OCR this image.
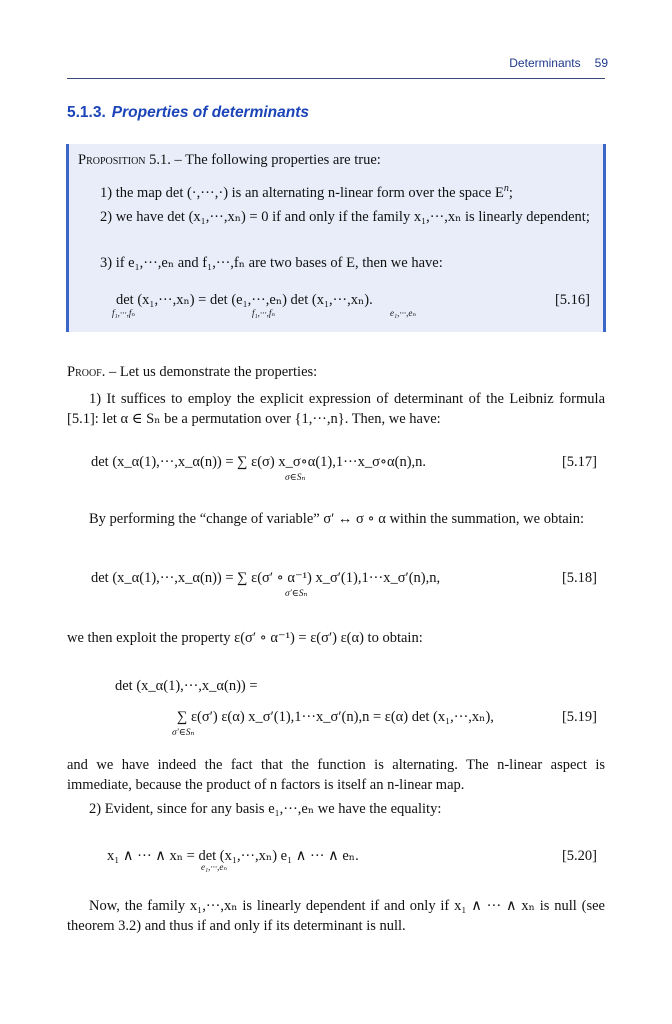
Determinants 59
5.1.3. Properties of determinants
Proposition 5.1. – The following properties are true:
1) the map det (·,···,·) is an alternating n-linear form over the space $E^n$;
2) we have det (x₁,···,xₙ) = 0 if and only if the family x₁,···,xₙ is linearly dependent;
3) if e₁,···,eₙ and f₁,···,fₙ are two bases of E, then we have:
det (x₁,···,xₙ) = det (e₁,···,eₙ) det (x₁,···,xₙ).
f₁,···,fₙ	f₁,···,fₙ	e₁,···,eₙ
[5.16]
Proof. – Let us demonstrate the properties:
1) It suffices to employ the explicit expression of determinant of the Leibniz formula [5.1]: let α ∈ Sₙ be a permutation over {1,···,n}. Then, we have:
det (x_α(1),···,x_α(n)) = ∑ ε(σ) x_σ∘α(1),1···x_σ∘α(n),n.
σ∈Sₙ
[5.17]
By performing the “change of variable” σ′ ↔ σ ∘ α within the summation, we obtain:
det (x_α(1),···,x_α(n)) = ∑ ε(σ′ ∘ α⁻¹) x_σ′(1),1···x_σ′(n),n,
σ′∈Sₙ
[5.18]
we then exploit the property ε(σ′ ∘ α⁻¹) = ε(σ′) ε(α) to obtain:
det (x_α(1),···,x_α(n)) =
∑ ε(σ′) ε(α) x_σ′(1),1···x_σ′(n),n = ε(α) det (x₁,···,xₙ),
σ′∈Sₙ
[5.19]
and we have indeed the fact that the function is alternating. The n-linear aspect is immediate, because the product of n factors is itself an n-linear map.
2) Evident, since for any basis e₁,···,eₙ we have the equality:
x₁ ∧ ··· ∧ xₙ = det (x₁,···,xₙ) e₁ ∧ ··· ∧ eₙ.
e₁,···,eₙ
[5.20]
Now, the family x₁,···,xₙ is linearly dependent if and only if x₁ ∧ ··· ∧ xₙ is null (see theorem 3.2) and thus if and only if its determinant is null.
